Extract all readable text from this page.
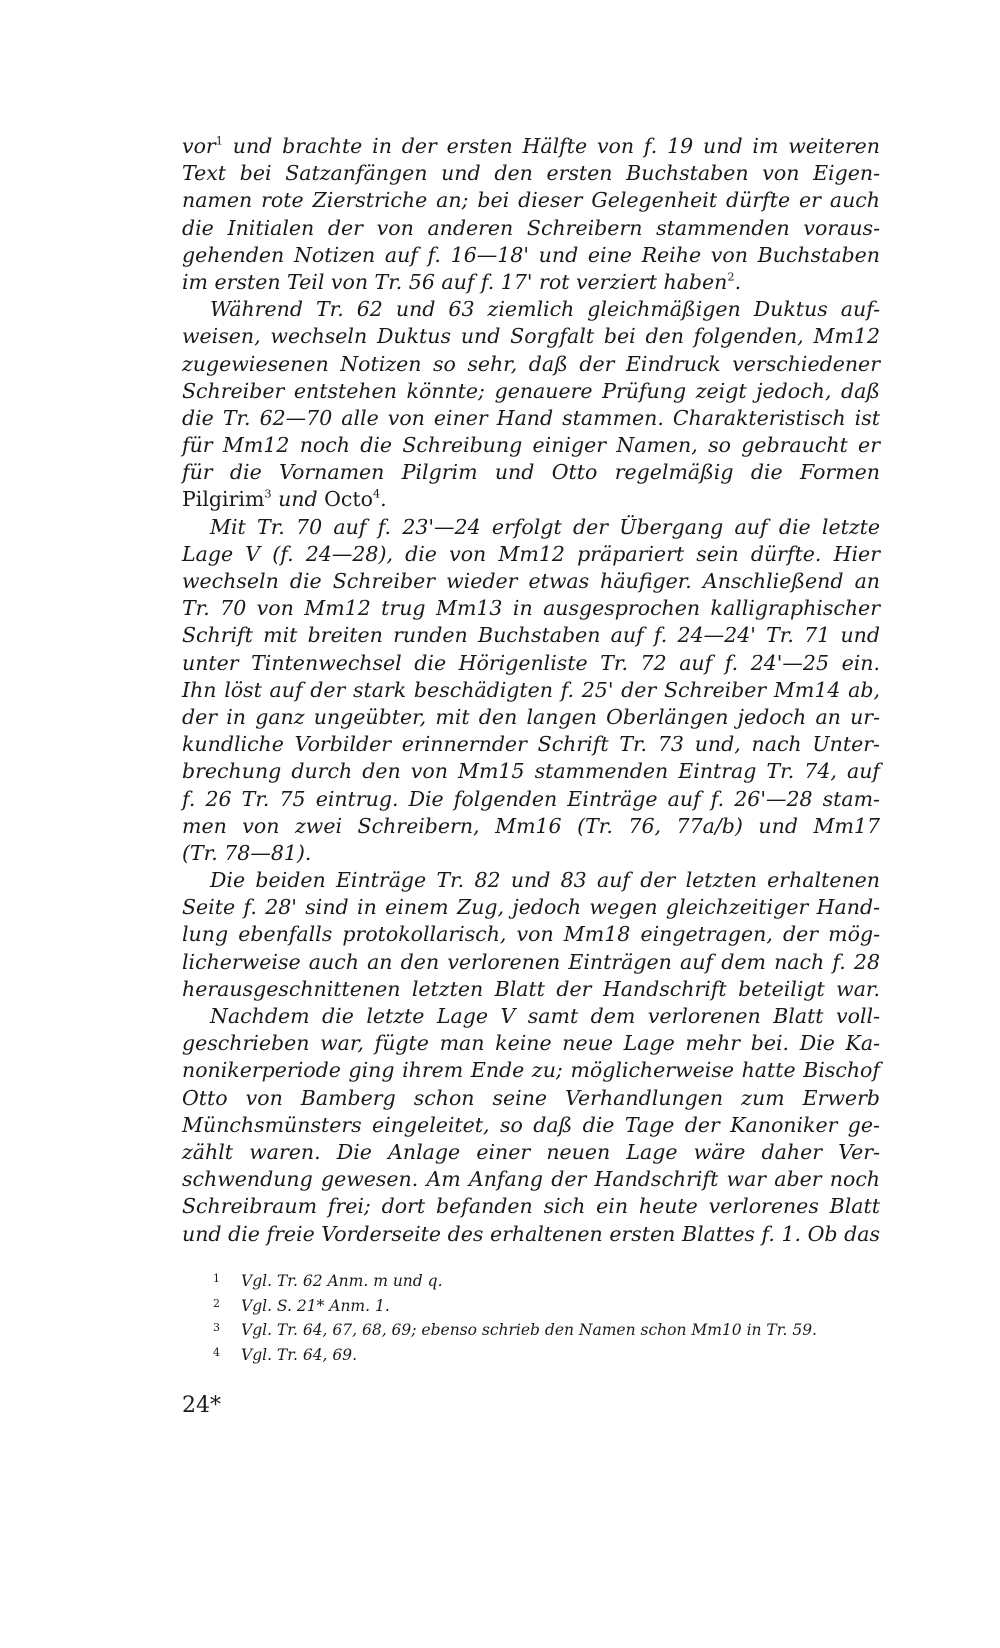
vor$^1$ und brachte in der ersten Hälfte von f. 19 und im weiteren
Text bei Satzanfängen und den ersten Buchstaben von Eigen-
namen rote Zierstriche an; bei dieser Gelegenheit dürfte er auch
die Initialen der von anderen Schreibern stammenden voraus-
gehenden Notizen auf f. 16—18' und eine Reihe von Buchstaben
im ersten Teil von Tr. 56 auf f. 17' rot verziert haben$^2$.
Während Tr. 62 und 63 ziemlich gleichmäßigen Duktus auf-
weisen, wechseln Duktus und Sorgfalt bei den folgenden, Mm12
zugewiesenen Notizen so sehr, daß der Eindruck verschiedener
Schreiber entstehen könnte; genauere Prüfung zeigt jedoch, daß
die Tr. 62—70 alle von einer Hand stammen. Charakteristisch ist
für Mm12 noch die Schreibung einiger Namen, so gebraucht er
für die Vornamen Pilgrim und Otto regelmäßig die Formen
Pilgirim$^3$ und Octo$^4$.
Mit Tr. 70 auf f. 23'—24 erfolgt der Übergang auf die letzte
Lage V (f. 24—28), die von Mm12 präpariert sein dürfte. Hier
wechseln die Schreiber wieder etwas häufiger. Anschließend an
Tr. 70 von Mm12 trug Mm13 in ausgesprochen kalligraphischer
Schrift mit breiten runden Buchstaben auf f. 24—24' Tr. 71 und
unter Tintenwechsel die Hörigenliste Tr. 72 auf f. 24'—25 ein.
Ihn löst auf der stark beschädigten f. 25' der Schreiber Mm14 ab,
der in ganz ungeübter, mit den langen Oberlängen jedoch an ur-
kundliche Vorbilder erinnernder Schrift Tr. 73 und, nach Unter-
brechung durch den von Mm15 stammenden Eintrag Tr. 74, auf
f. 26 Tr. 75 eintrug. Die folgenden Einträge auf f. 26'—28 stam-
men von zwei Schreibern, Mm16 (Tr. 76, 77a/b) und Mm17
(Tr. 78—81).
Die beiden Einträge Tr. 82 und 83 auf der letzten erhaltenen
Seite f. 28' sind in einem Zug, jedoch wegen gleichzeitiger Hand-
lung ebenfalls protokollarisch, von Mm18 eingetragen, der mög-
licherweise auch an den verlorenen Einträgen auf dem nach f. 28
herausgeschnittenen letzten Blatt der Handschrift beteiligt war.
Nachdem die letzte Lage V samt dem verlorenen Blatt voll-
geschrieben war, fügte man keine neue Lage mehr bei. Die Ka-
nonikerperiode ging ihrem Ende zu; möglicherweise hatte Bischof
Otto von Bamberg schon seine Verhandlungen zum Erwerb
Münchsmünsters eingeleitet, so daß die Tage der Kanoniker ge-
zählt waren. Die Anlage einer neuen Lage wäre daher Ver-
schwendung gewesen. Am Anfang der Handschrift war aber noch
Schreibraum frei; dort befanden sich ein heute verlorenes Blatt
und die freie Vorderseite des erhaltenen ersten Blattes f. 1. Ob das
1 Vgl. Tr. 62 Anm. m und q.
2 Vgl. S. 21* Anm. 1.
3 Vgl. Tr. 64, 67, 68, 69; ebenso schrieb den Namen schon Mm10 in Tr. 59.
4 Vgl. Tr. 64, 69.
24*
